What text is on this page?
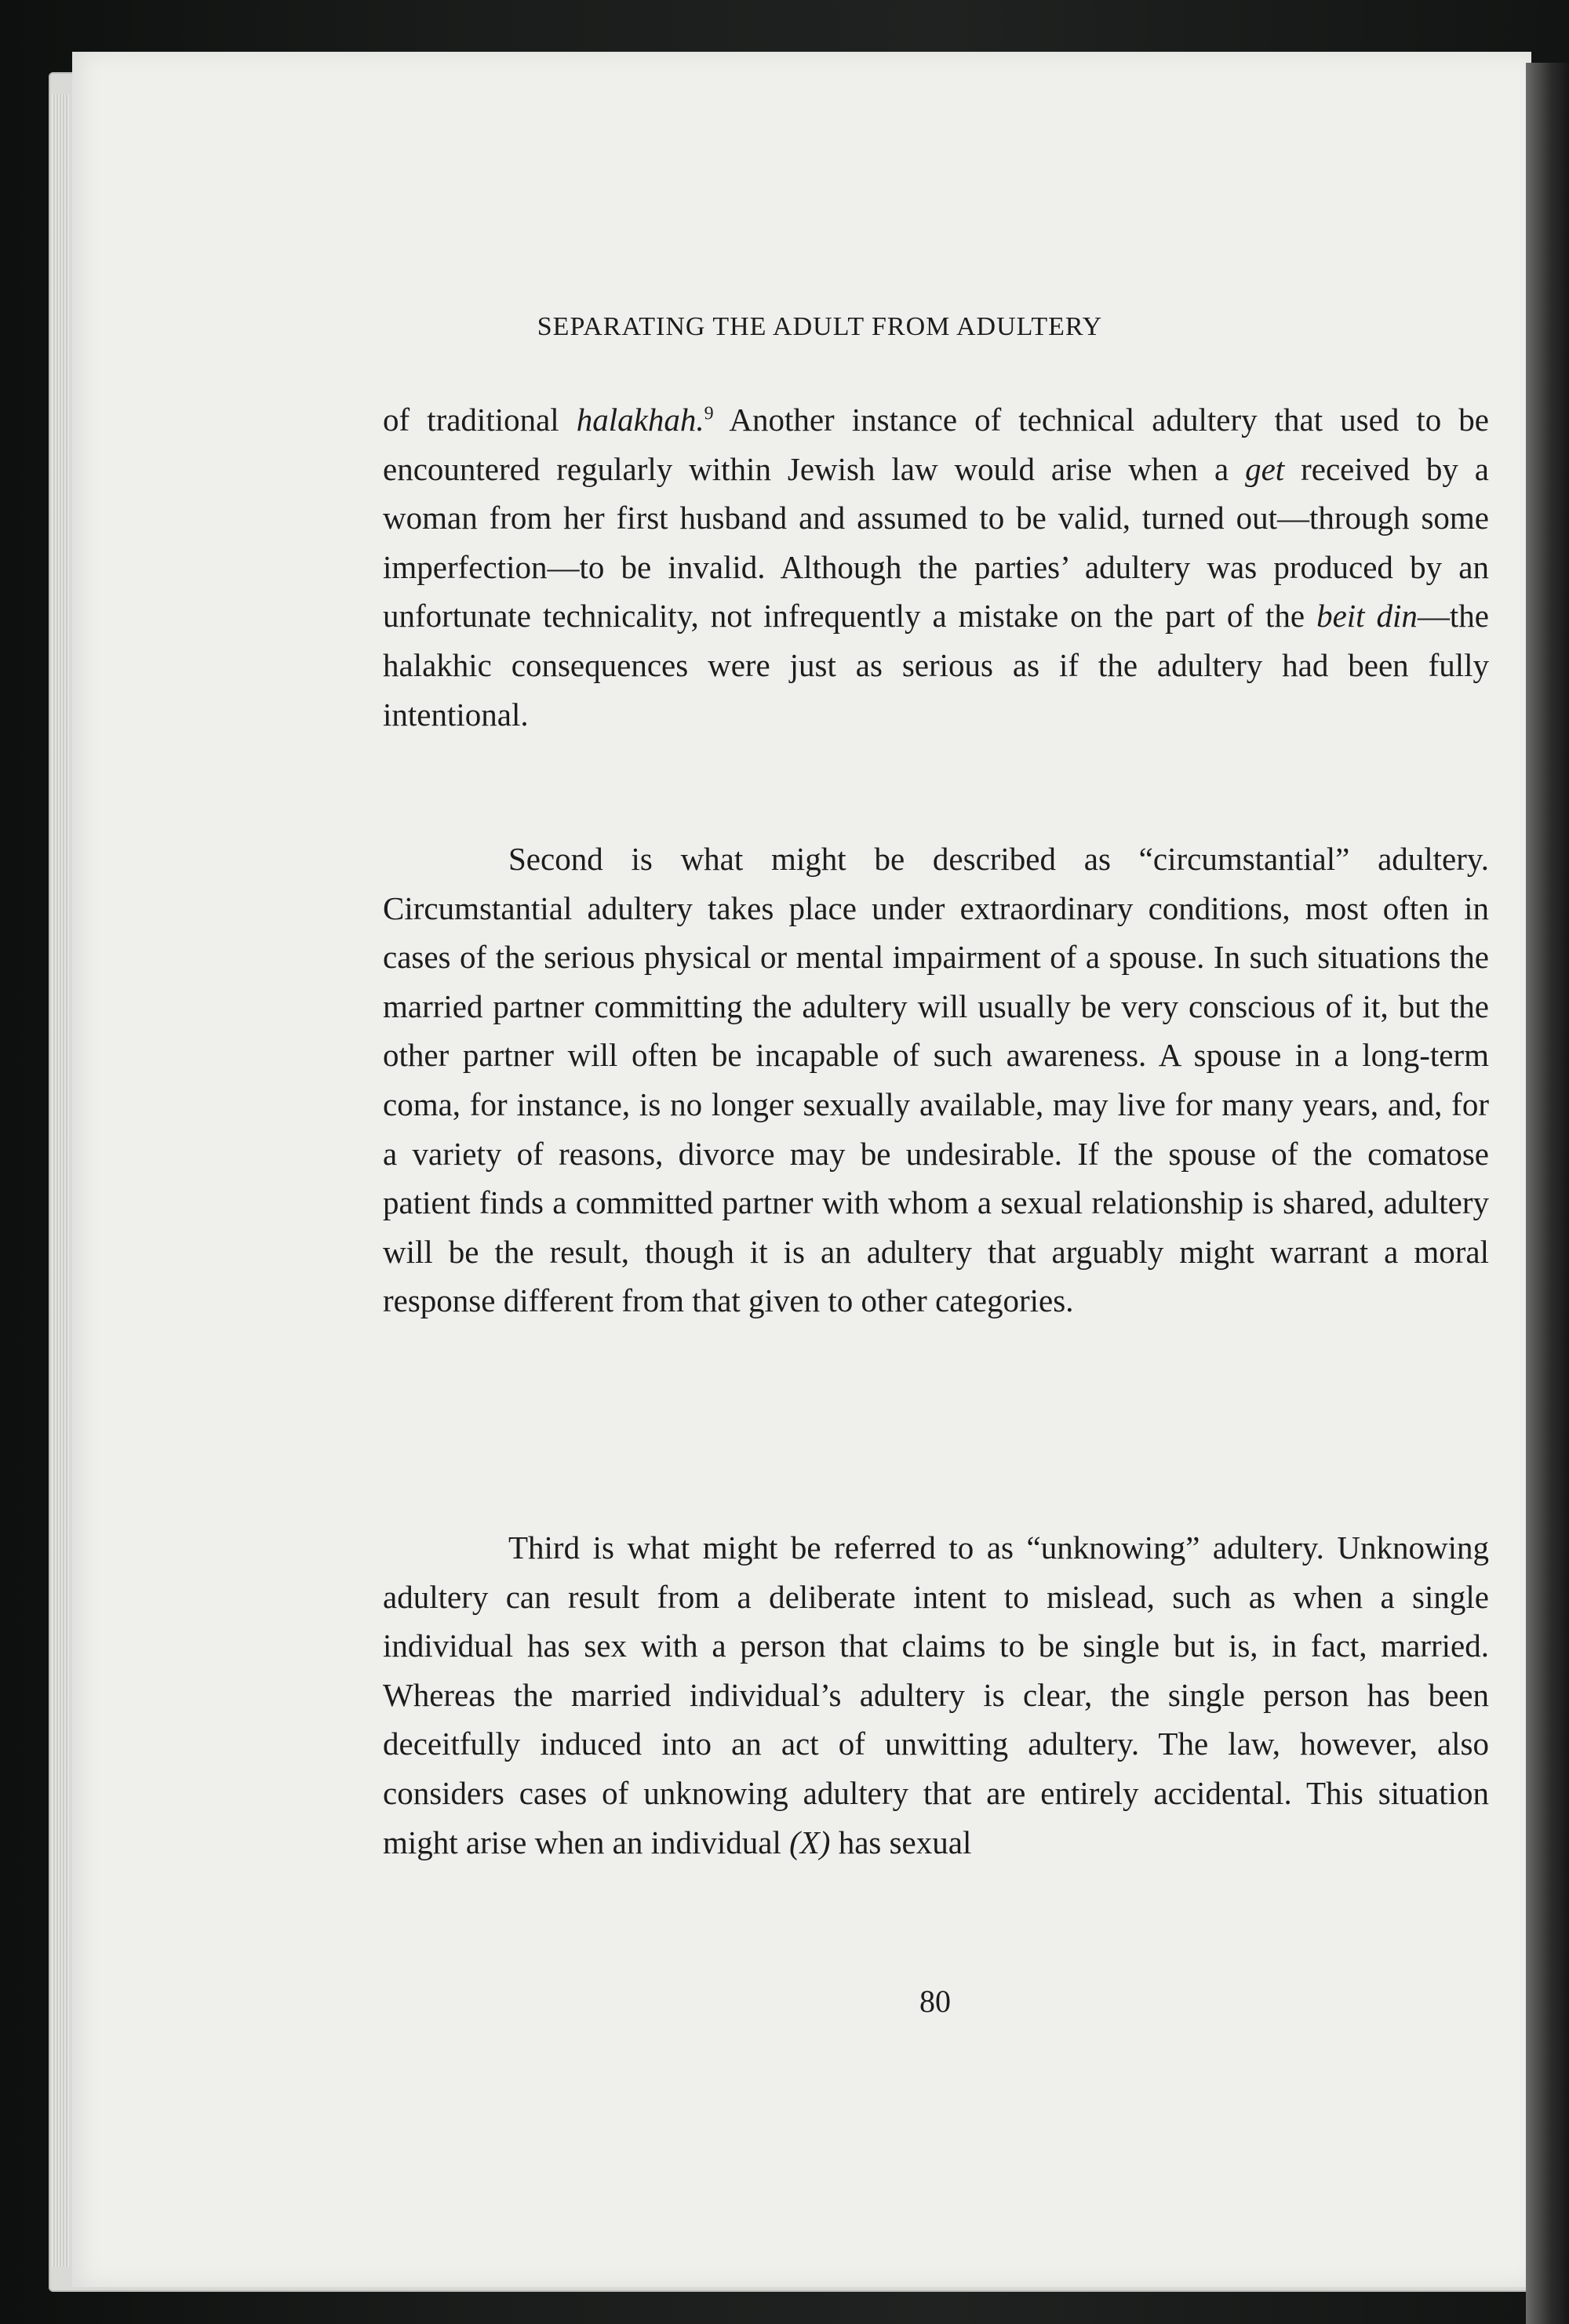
SEPARATING THE ADULT FROM ADULTERY
of traditional halakhah.$^9$ Another instance of technical adultery that used to be encountered regularly within Jewish law would arise when a get received by a woman from her first husband and assumed to be valid, turned out—through some imperfection—to be invalid. Although the parties’ adultery was produced by an unfortunate technicality, not infrequently a mistake on the part of the beit din—the halakhic consequences were just as serious as if the adultery had been fully intentional.
Second is what might be described as “circumstantial” adultery. Circumstantial adultery takes place under extraordinary conditions, most often in cases of the serious physical or mental impairment of a spouse. In such situations the married partner committing the adultery will usually be very conscious of it, but the other partner will often be incapable of such awareness. A spouse in a long-term coma, for instance, is no longer sexually available, may live for many years, and, for a variety of reasons, divorce may be undesirable. If the spouse of the comatose patient finds a committed partner with whom a sexual relationship is shared, adultery will be the result, though it is an adultery that arguably might warrant a moral response different from that given to other categories.
Third is what might be referred to as “unknowing” adultery. Unknowing adultery can result from a deliberate intent to mislead, such as when a single individual has sex with a person that claims to be single but is, in fact, married. Whereas the married individual’s adultery is clear, the single person has been deceitfully induced into an act of unwitting adultery. The law, however, also considers cases of unknowing adultery that are entirely accidental. This situation might arise when an individual (X) has sexual
80
